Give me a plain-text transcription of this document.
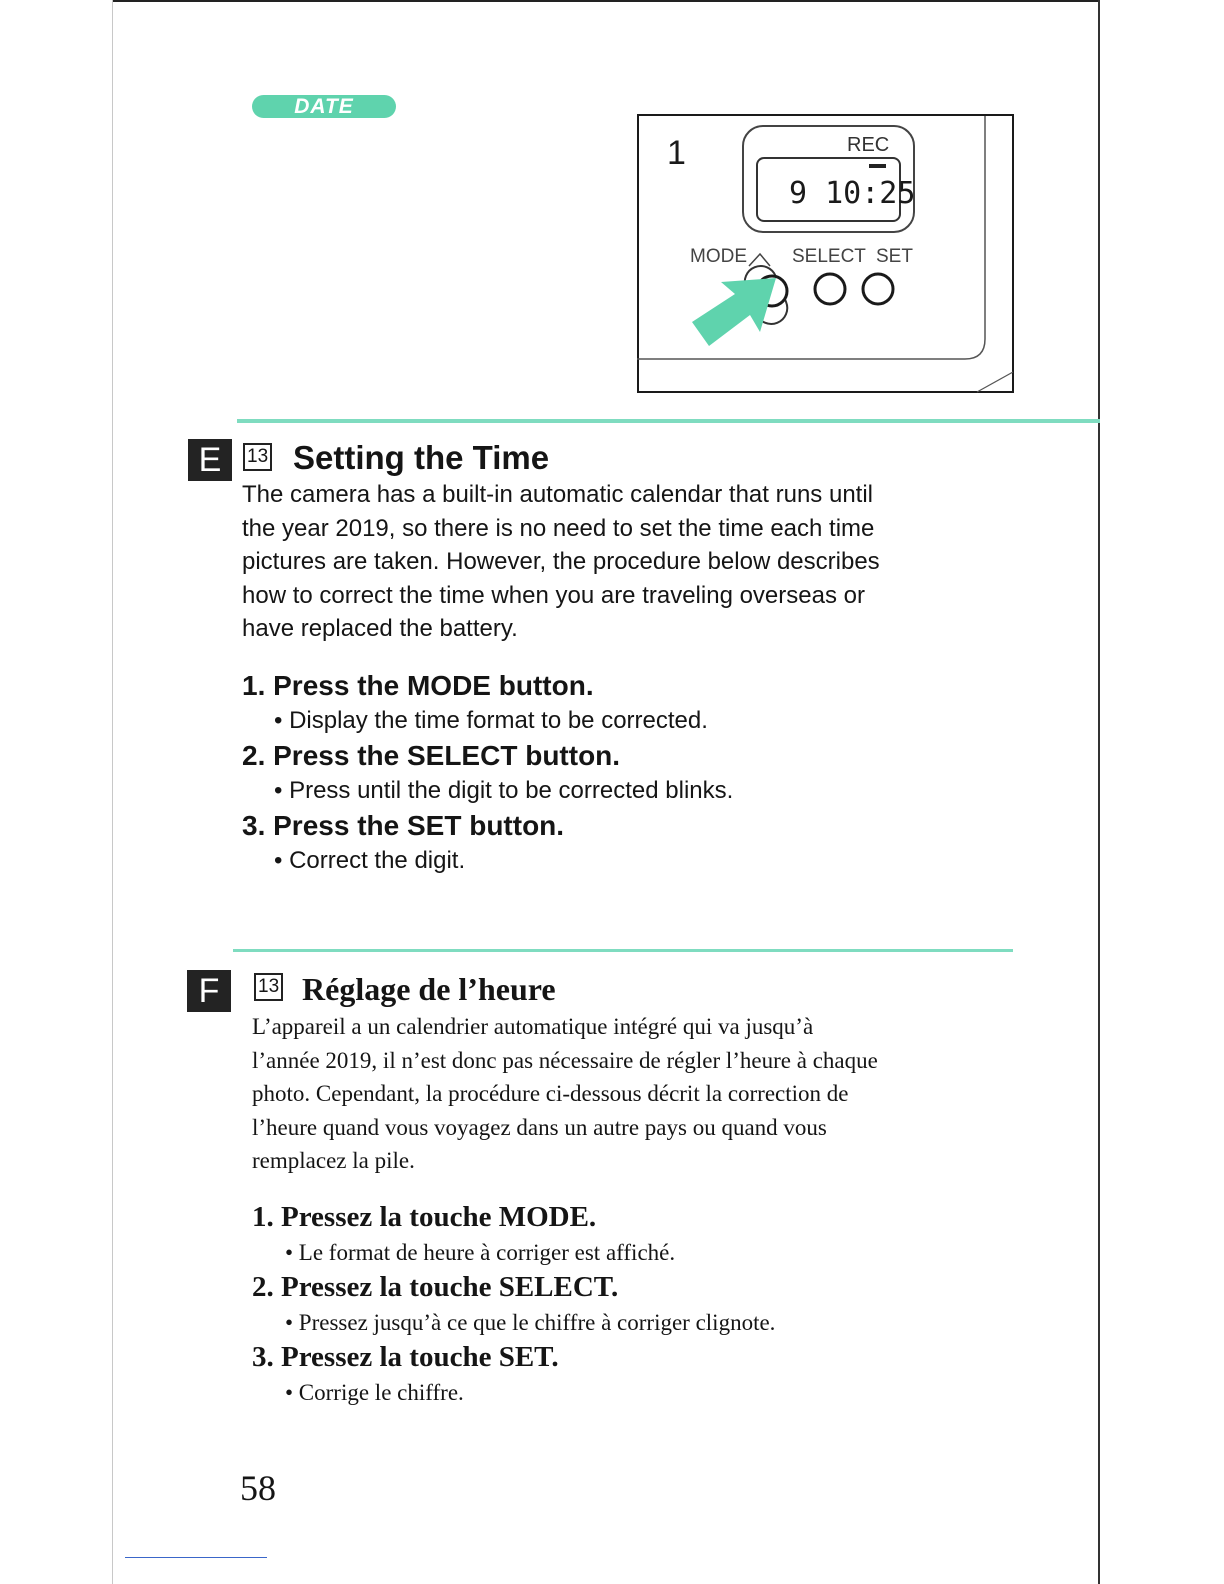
DATE
1	REC
9 10:25
MODE SELECT SET
E	13 Setting the Time

The camera has a built-in automatic calendar that runs until
the year 2019, so there is no need to set the time each time
pictures are taken. However, the procedure below describes
how to correct the time when you are traveling overseas or
have replaced the battery.

1. Press the MODE button.
• Display the time format to be corrected.
2. Press the SELECT button.
• Press until the digit to be corrected blinks.
3. Press the SET button.
• Correct the digit.
F	13 Réglage de l’heure

L’appareil a un calendrier automatique intégré qui va jusqu’à
l’année 2019, il n’est donc pas nécessaire de régler l’heure à chaque
photo. Cependant, la procédure ci-dessous décrit la correction de
l’heure quand vous voyagez dans un autre pays ou quand vous
remplacez la pile.

1. Pressez la touche MODE.
• Le format de heure à corriger est affiché.
2. Pressez la touche SELECT.
• Pressez jusqu’à ce que le chiffre à corriger clignote.
3. Pressez la touche SET.
• Corrige le chiffre.
58
